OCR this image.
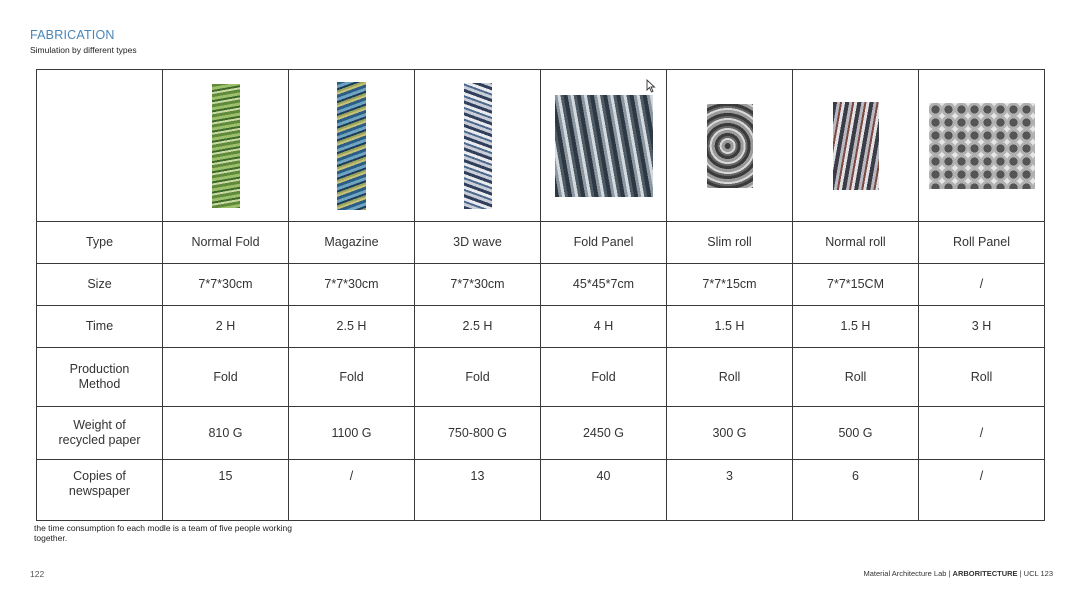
FABRICATION
Simulation by different types

Type	Normal Fold	Magazine	3D wave	Fold Panel	Slim roll	Normal roll	Roll Panel
Size	7*7*30cm	7*7*30cm	7*7*30cm	45*45*7cm	7*7*15cm	7*7*15CM	/
Time	2 H	2.5 H	2.5 H	4 H	1.5 H	1.5 H	3 H
Production Method	Fold	Fold	Fold	Fold	Roll	Roll	Roll
Weight of recycled paper	810 G	1100 G	750-800 G	2450 G	300 G	500 G	/
Copies of newspaper	15	/	13	40	3	6	/
the time consumption fo each modle is a team of five people working together.
122	Material Architecture Lab | ARBORITECTURE | UCL 123
